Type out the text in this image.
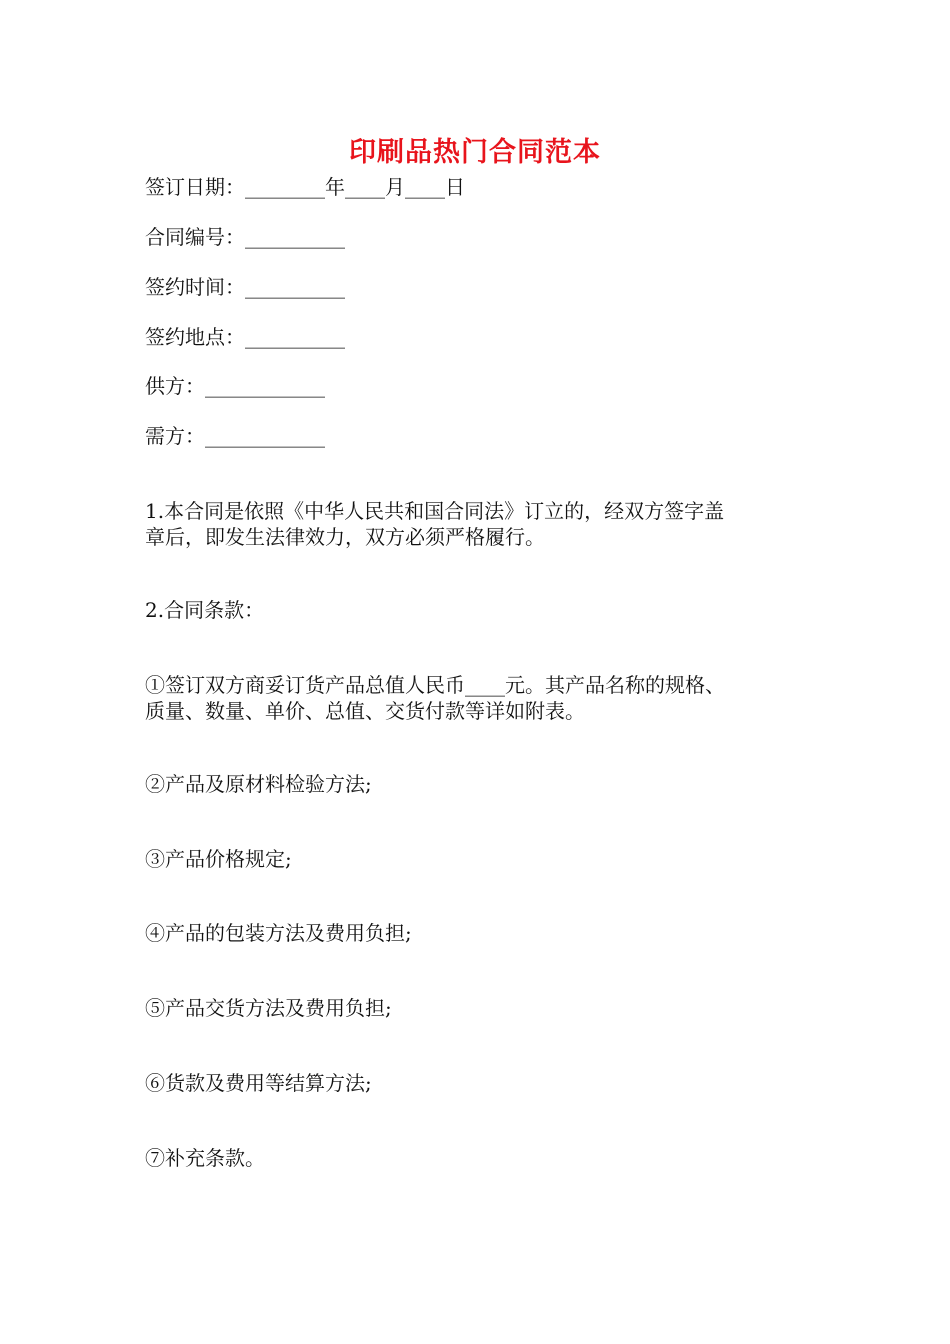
印刷品热门合同范本
签订日期：________年____月____日
合同编号：__________
签约时间：__________
签约地点：__________
供方：____________
需方：____________
1.本合同是依照《中华人民共和国合同法》订立的，经双方签字盖
章后，即发生法律效力，双方必须严格履行。
2.合同条款：
①签订双方商妥订货产品总值人民币____元。其产品名称的规格、
质量、数量、单价、总值、交货付款等详如附表。
②产品及原材料检验方法;
③产品价格规定;
④产品的包装方法及费用负担;
⑤产品交货方法及费用负担;
⑥货款及费用等结算方法;
⑦补充条款。
